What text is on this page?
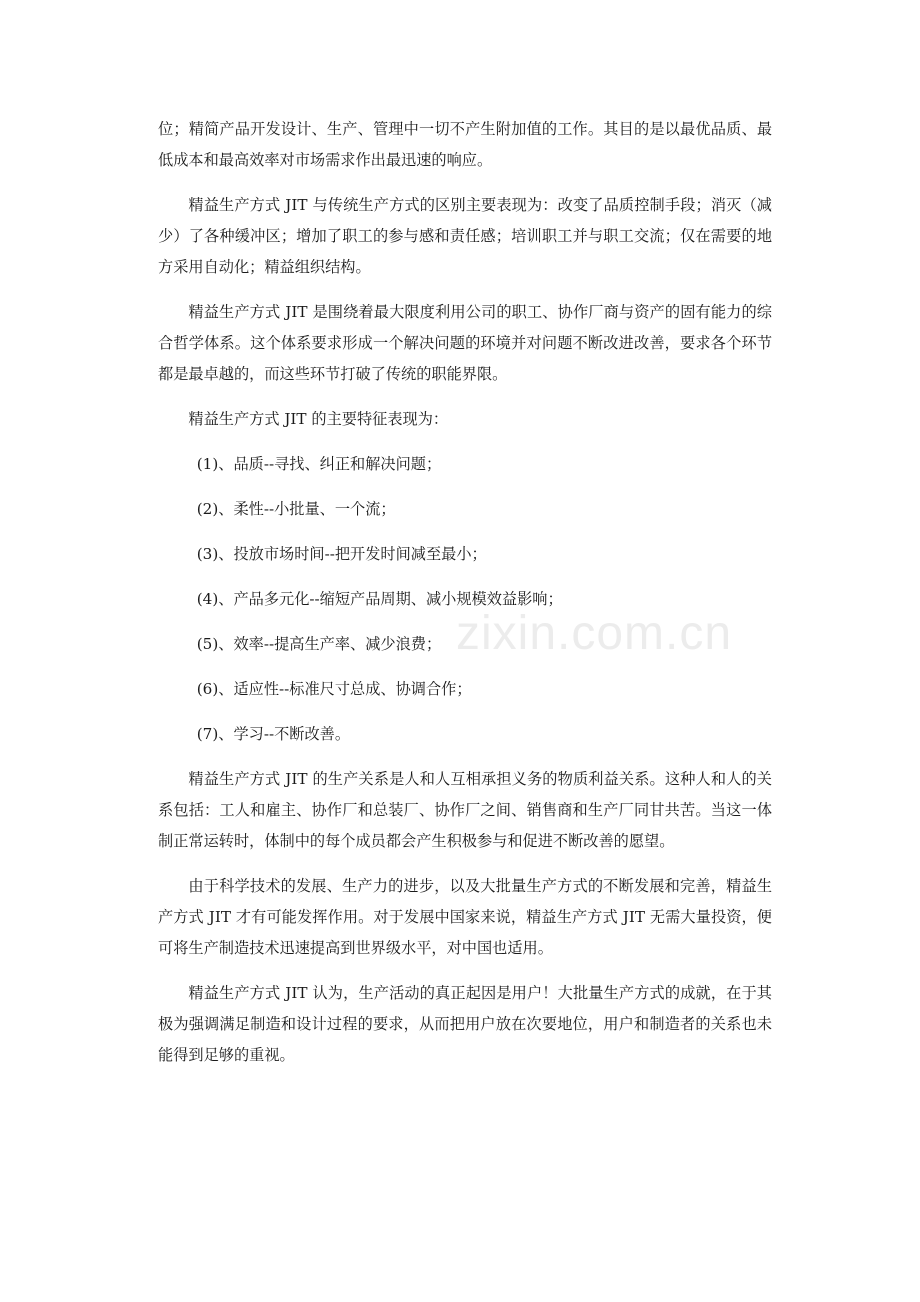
zixin.com.cn

位；精简产品开发设计、生产、管理中一切不产生附加值的工作。其目的是以最优品质、最低成本和最高效率对市场需求作出最迅速的响应。

精益生产方式 JIT 与传统生产方式的区别主要表现为：改变了品质控制手段；消灭（减少）了各种缓冲区；增加了职工的参与感和责任感；培训职工并与职工交流；仅在需要的地方采用自动化；精益组织结构。

精益生产方式 JIT 是围绕着最大限度利用公司的职工、协作厂商与资产的固有能力的综合哲学体系。这个体系要求形成一个解决问题的环境并对问题不断改进改善，要求各个环节都是最卓越的，而这些环节打破了传统的职能界限。

精益生产方式 JIT 的主要特征表现为：

(1)、品质--寻找、纠正和解决问题；

(2)、柔性--小批量、一个流；

(3)、投放市场时间--把开发时间减至最小；

(4)、产品多元化--缩短产品周期、减小规模效益影响；

(5)、效率--提高生产率、减少浪费；

(6)、适应性--标准尺寸总成、协调合作；

(7)、学习--不断改善。

精益生产方式 JIT 的生产关系是人和人互相承担义务的物质利益关系。这种人和人的关系包括：工人和雇主、协作厂和总装厂、协作厂之间、销售商和生产厂同甘共苦。当这一体制正常运转时，体制中的每个成员都会产生积极参与和促进不断改善的愿望。

由于科学技术的发展、生产力的进步，以及大批量生产方式的不断发展和完善，精益生产方式 JIT 才有可能发挥作用。对于发展中国家来说，精益生产方式 JIT 无需大量投资，便可将生产制造技术迅速提高到世界级水平，对中国也适用。

精益生产方式 JIT 认为，生产活动的真正起因是用户！大批量生产方式的成就，在于其极为强调满足制造和设计过程的要求，从而把用户放在次要地位，用户和制造者的关系也未能得到足够的重视。
